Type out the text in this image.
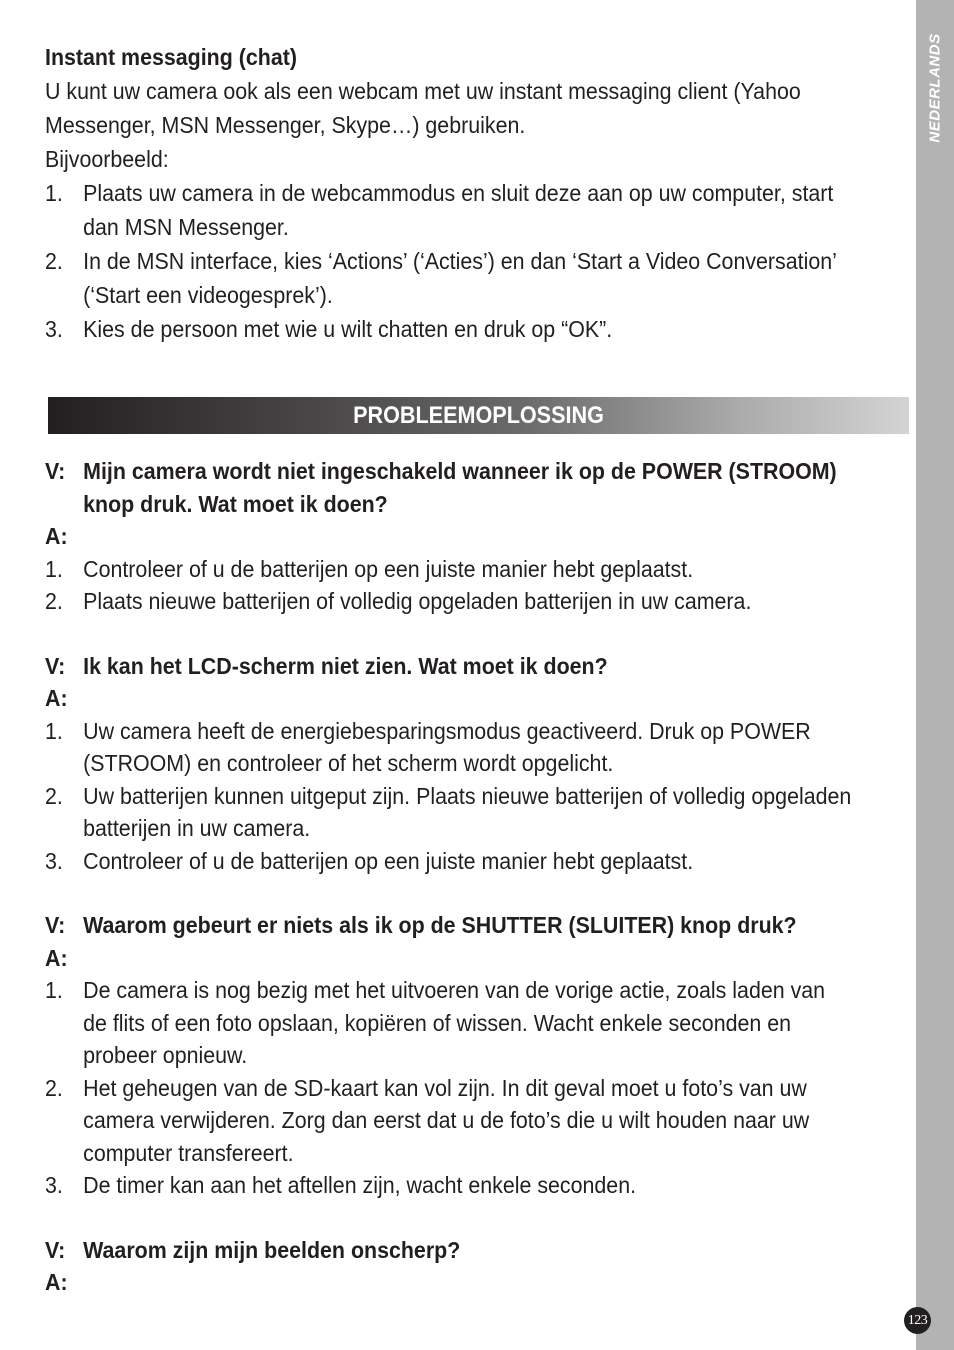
NEDERLANDS
123

Instant messaging (chat)

U kunt uw camera ook als een webcam met uw instant messaging client (Yahoo Messenger, MSN Messenger, Skype…) gebruiken.

Bijvoorbeeld:

1. Plaats uw camera in de webcammodus en sluit deze aan op uw computer, start dan MSN Messenger.
2. In de MSN interface, kies ‘Actions’ (‘Acties’) en dan ‘Start a Video Conversation’ (‘Start een videogesprek’).
3. Kies de persoon met wie u wilt chatten en druk op “OK”.
PROBLEEMOPLOSSING
V: Mijn camera wordt niet ingeschakeld wanneer ik op de POWER (STROOM) knop druk. Wat moet ik doen?

A:

1. Controleer of u de batterijen op een juiste manier hebt geplaatst.
2. Plaats nieuwe batterijen of volledig opgeladen batterijen in uw camera.
V: Ik kan het LCD-scherm niet zien. Wat moet ik doen?

A:

1. Uw camera heeft de energiebesparingsmodus geactiveerd. Druk op POWER (STROOM) en controleer of het scherm wordt opgelicht.
2. Uw batterijen kunnen uitgeput zijn. Plaats nieuwe batterijen of volledig opgeladen batterijen in uw camera.
3. Controleer of u de batterijen op een juiste manier hebt geplaatst.
V: Waarom gebeurt er niets als ik op de SHUTTER (SLUITER) knop druk?

A:

1. De camera is nog bezig met het uitvoeren van de vorige actie, zoals laden van de flits of een foto opslaan, kopiëren of wissen. Wacht enkele seconden en probeer opnieuw.
2. Het geheugen van de SD-kaart kan vol zijn. In dit geval moet u foto’s van uw camera verwijderen. Zorg dan eerst dat u de foto’s die u wilt houden naar uw computer transfereert.
3. De timer kan aan het aftellen zijn, wacht enkele seconden.
V: Waarom zijn mijn beelden onscherp?

A:
